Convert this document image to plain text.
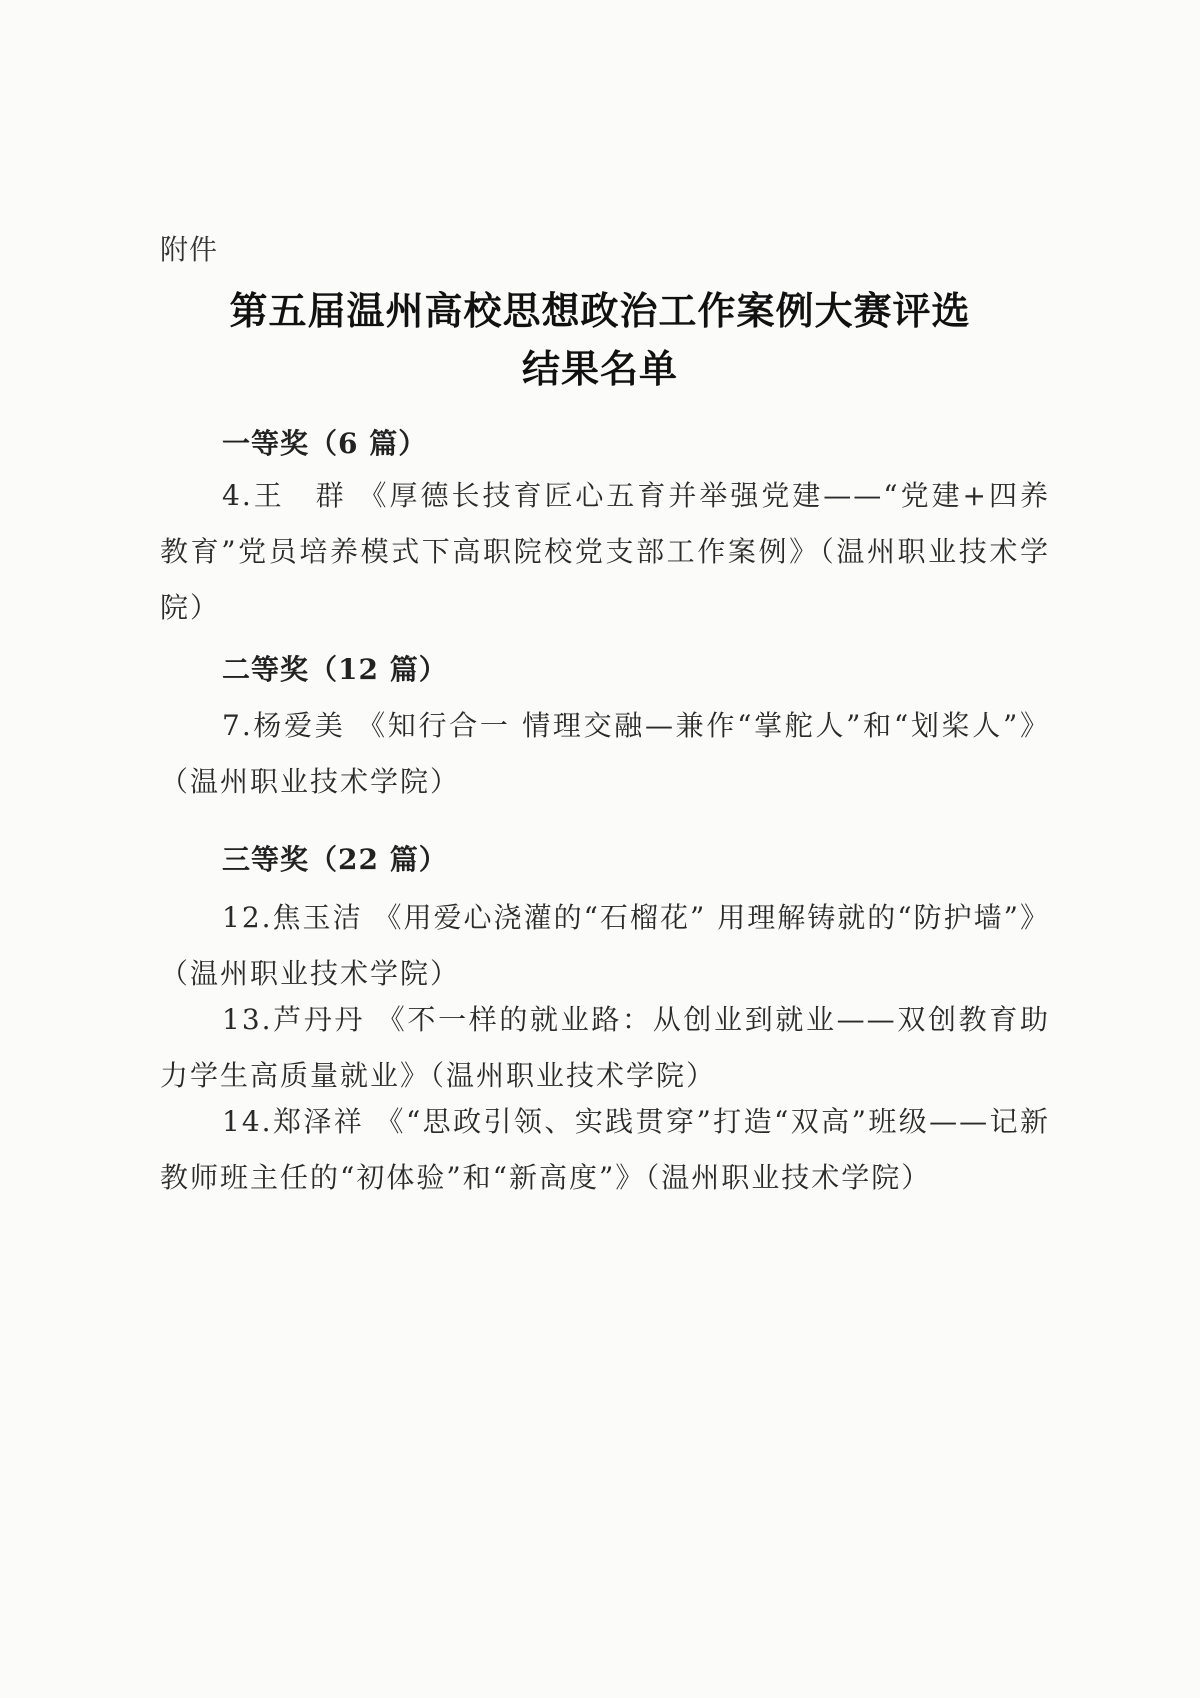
附件
第五届温州高校思想政治工作案例大赛评选
结果名单
一等奖（6 篇）
4.王　群 《厚德长技育匠心五育并举强党建——“党建+四养教育”党员培养模式下高职院校党支部工作案例》（温州职业技术学院）
二等奖（12 篇）
7.杨爱美 《知行合一 情理交融—兼作“掌舵人”和“划桨人”》（温州职业技术学院）
三等奖（22 篇）
12.焦玉洁 《用爱心浇灌的“石榴花” 用理解铸就的“防护墙”》（温州职业技术学院）
13.芦丹丹 《不一样的就业路：从创业到就业——双创教育助力学生高质量就业》（温州职业技术学院）
14.郑泽祥 《“思政引领、实践贯穿”打造“双高”班级——记新教师班主任的“初体验”和“新高度”》（温州职业技术学院）
